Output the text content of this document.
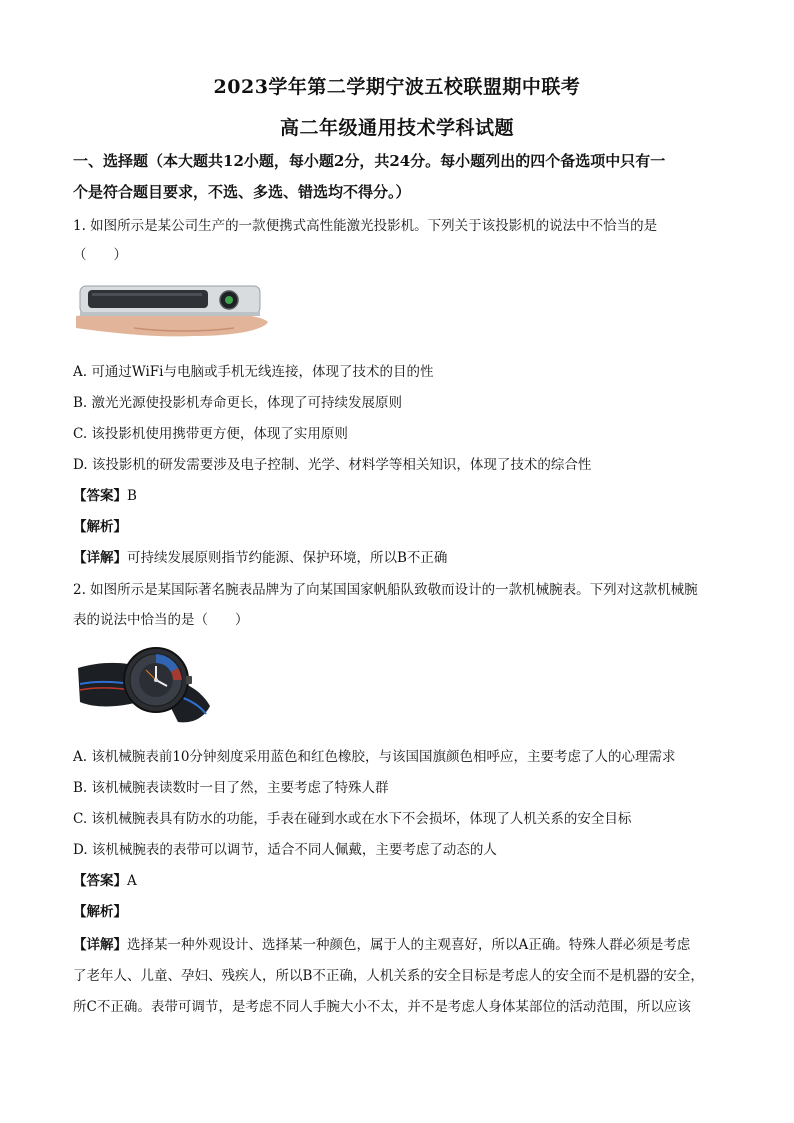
2023学年第二学期宁波五校联盟期中联考
高二年级通用技术学科试题
一、选择题（本大题共12小题，每小题2分，共24分。每小题列出的四个备选项中只有一
个是符合题目要求，不选、多选、错选均不得分。）
1. 如图所示是某公司生产的一款便携式高性能激光投影机。下列关于该投影机的说法中不恰当的是
（　　）
A. 可通过WiFi与电脑或手机无线连接，体现了技术的目的性
B. 激光光源使投影机寿命更长，体现了可持续发展原则
C. 该投影机使用携带更方便，体现了实用原则
D. 该投影机的研发需要涉及电子控制、光学、材料学等相关知识，体现了技术的综合性
【答案】B
【解析】
【详解】可持续发展原则指节约能源、保护环境，所以B不正确
2. 如图所示是某国际著名腕表品牌为了向某国国家帆船队致敬而设计的一款机械腕表。下列对这款机械腕
表的说法中恰当的是（　　）
A. 该机械腕表前10分钟刻度采用蓝色和红色橡胶，与该国国旗颜色相呼应，主要考虑了人的心理需求
B. 该机械腕表读数时一目了然，主要考虑了特殊人群
C. 该机械腕表具有防水的功能，手表在碰到水或在水下不会损坏，体现了人机关系的安全目标
D. 该机械腕表的表带可以调节，适合不同人佩戴，主要考虑了动态的人
【答案】A
【解析】
【详解】选择某一种外观设计、选择某一种颜色，属于人的主观喜好，所以A正确。特殊人群必须是考虑
了老年人、儿童、孕妇、残疾人，所以B不正确，人机关系的安全目标是考虑人的安全而不是机器的安全，
所C不正确。表带可调节，是考虑不同人手腕大小不太，并不是考虑人身体某部位的活动范围，所以应该
